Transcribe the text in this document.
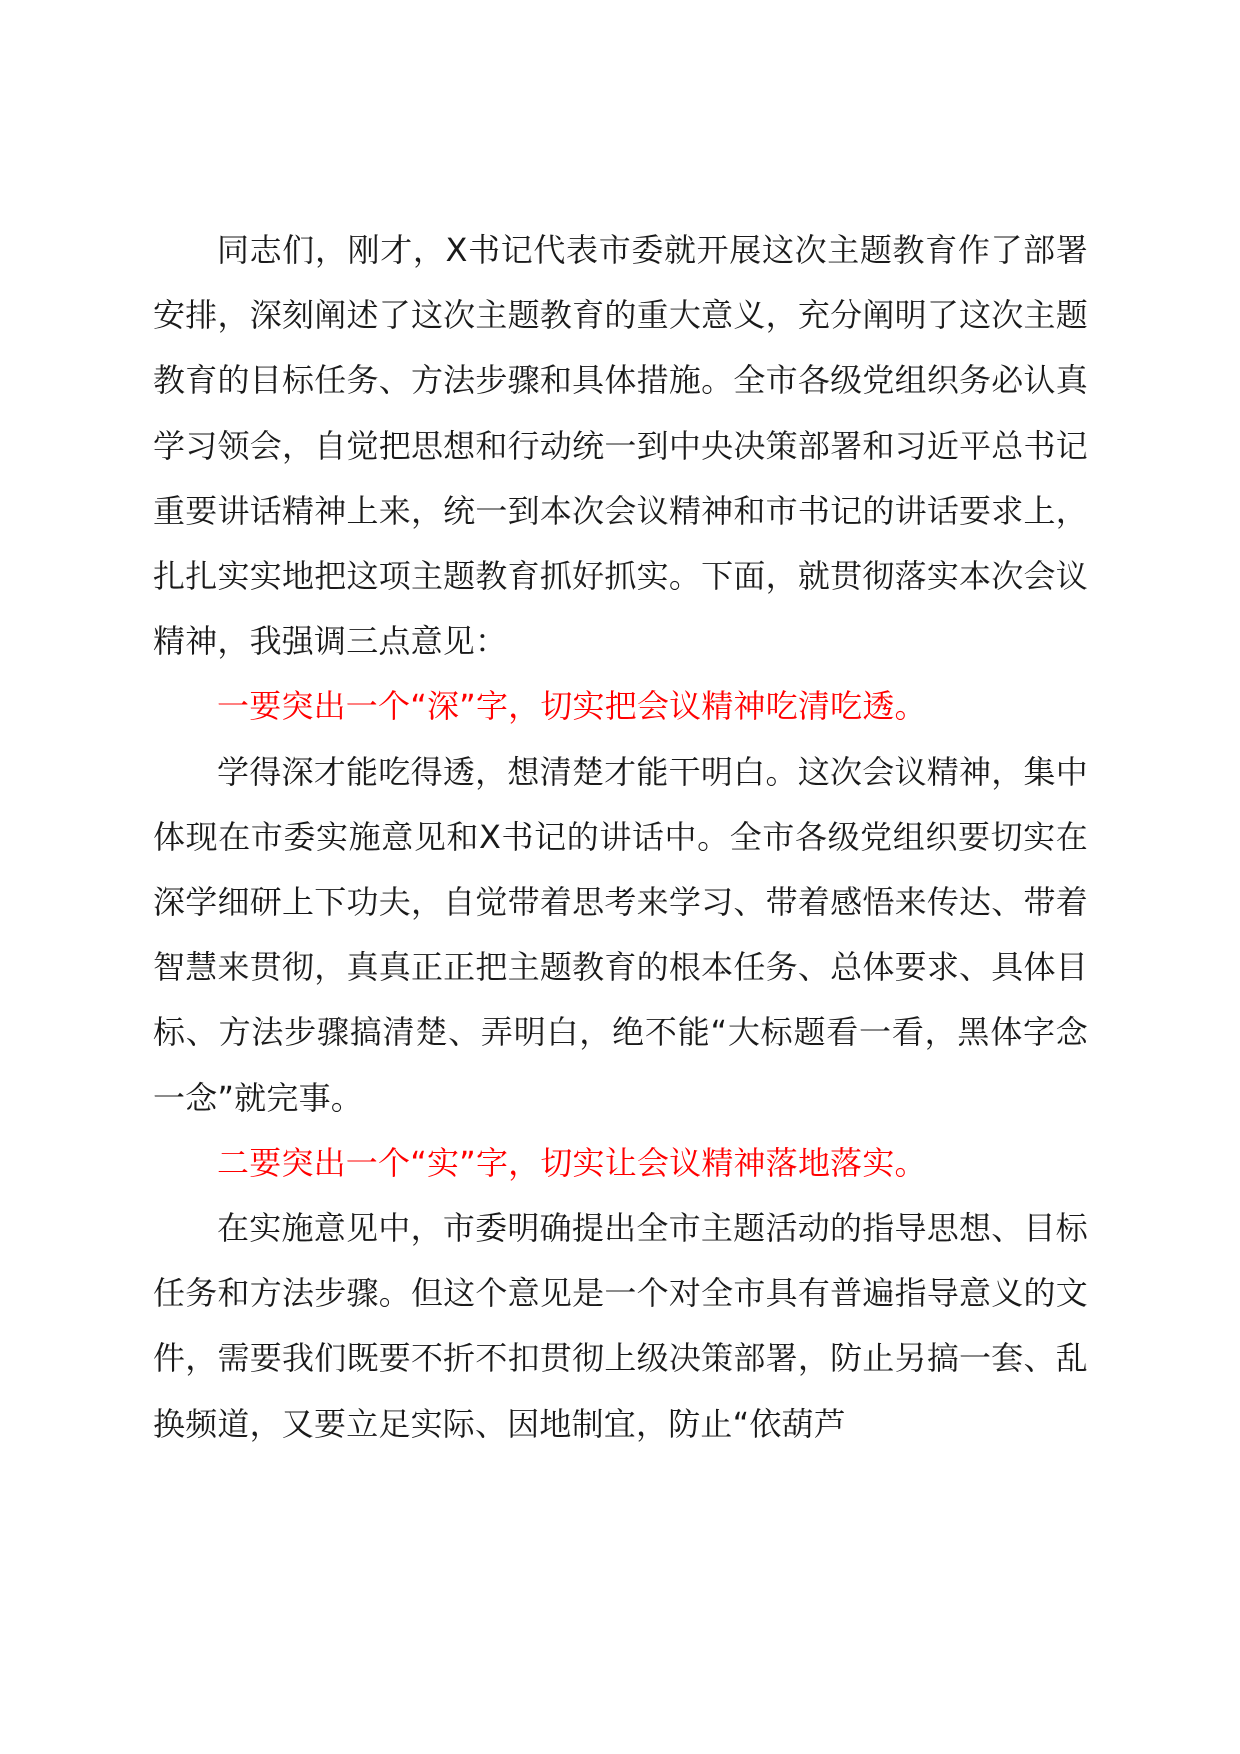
同志们，刚才，X书记代表市委就开展这次主题教育作了部署安排，深刻阐述了这次主题教育的重大意义，充分阐明了这次主题教育的目标任务、方法步骤和具体措施。全市各级党组织务必认真学习领会，自觉把思想和行动统一到中央决策部署和习近平总书记重要讲话精神上来，统一到本次会议精神和市书记的讲话要求上，扎扎实实地把这项主题教育抓好抓实。下面，就贯彻落实本次会议精神，我强调三点意见：

一要突出一个“深”字，切实把会议精神吃清吃透。

学得深才能吃得透，想清楚才能干明白。这次会议精神，集中体现在市委实施意见和X书记的讲话中。全市各级党组织要切实在深学细研上下功夫，自觉带着思考来学习、带着感悟来传达、带着智慧来贯彻，真真正正把主题教育的根本任务、总体要求、具体目标、方法步骤搞清楚、弄明白，绝不能“大标题看一看，黑体字念一念”就完事。

二要突出一个“实”字，切实让会议精神落地落实。

在实施意见中，市委明确提出全市主题活动的指导思想、目标任务和方法步骤。但这个意见是一个对全市具有普遍指导意义的文件，需要我们既要不折不扣贯彻上级决策部署，防止另搞一套、乱换频道，又要立足实际、因地制宜，防止“依葫芦
